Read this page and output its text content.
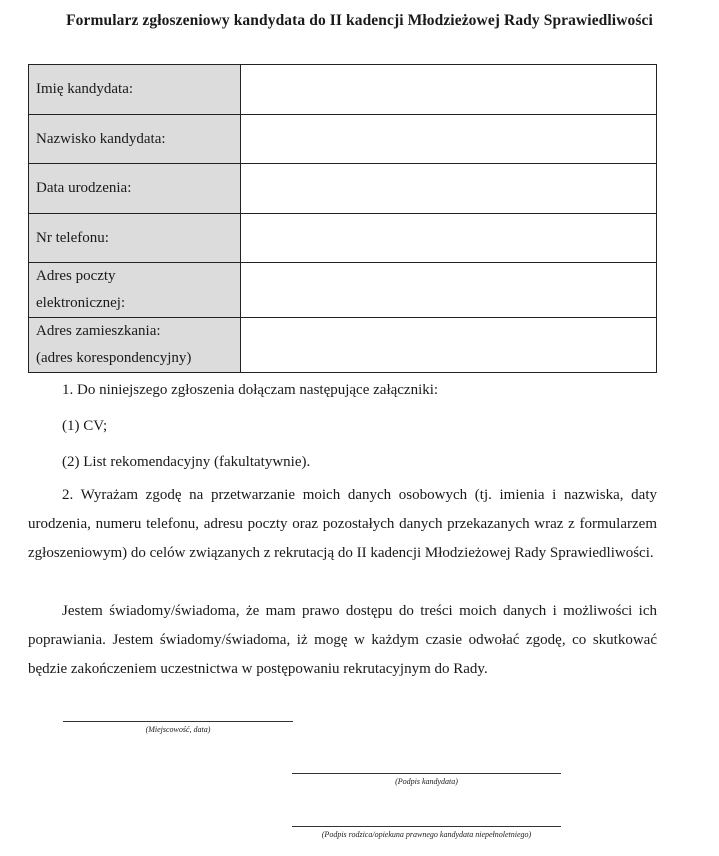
Formularz zgłoszeniowy kandydata do II kadencji Młodzieżowej Rady Sprawiedliwości
Imię kandydata:	
Nazwisko kandydata:	
Data urodzenia:	
Nr telefonu:	

Adres poczty
elektronicznej:	

Adres zamieszkania:
(adres korespondencyjny)	

1. Do niniejszego zgłoszenia dołączam następujące załączniki:

(1) CV;

(2) List rekomendacyjny (fakultatywnie).

2. Wyrażam zgodę na przetwarzanie moich danych osobowych (tj. imienia i nazwiska, daty urodzenia, numeru telefonu, adresu poczty oraz pozostałych danych przekazanych wraz z formularzem zgłoszeniowym) do celów związanych z rekrutacją do II kadencji Młodzieżowej Rady Sprawiedliwości.

Jestem świadomy/świadoma, że mam prawo dostępu do treści moich danych i możliwości ich poprawiania. Jestem świadomy/świadoma, iż mogę w każdym czasie odwołać zgodę, co skutkować będzie zakończeniem uczestnictwa w postępowaniu rekrutacyjnym do Rady.

(Miejscowość, data)
(Podpis kandydata)
(Podpis rodzica/opiekuna prawnego kandydata niepełnoletniego)
